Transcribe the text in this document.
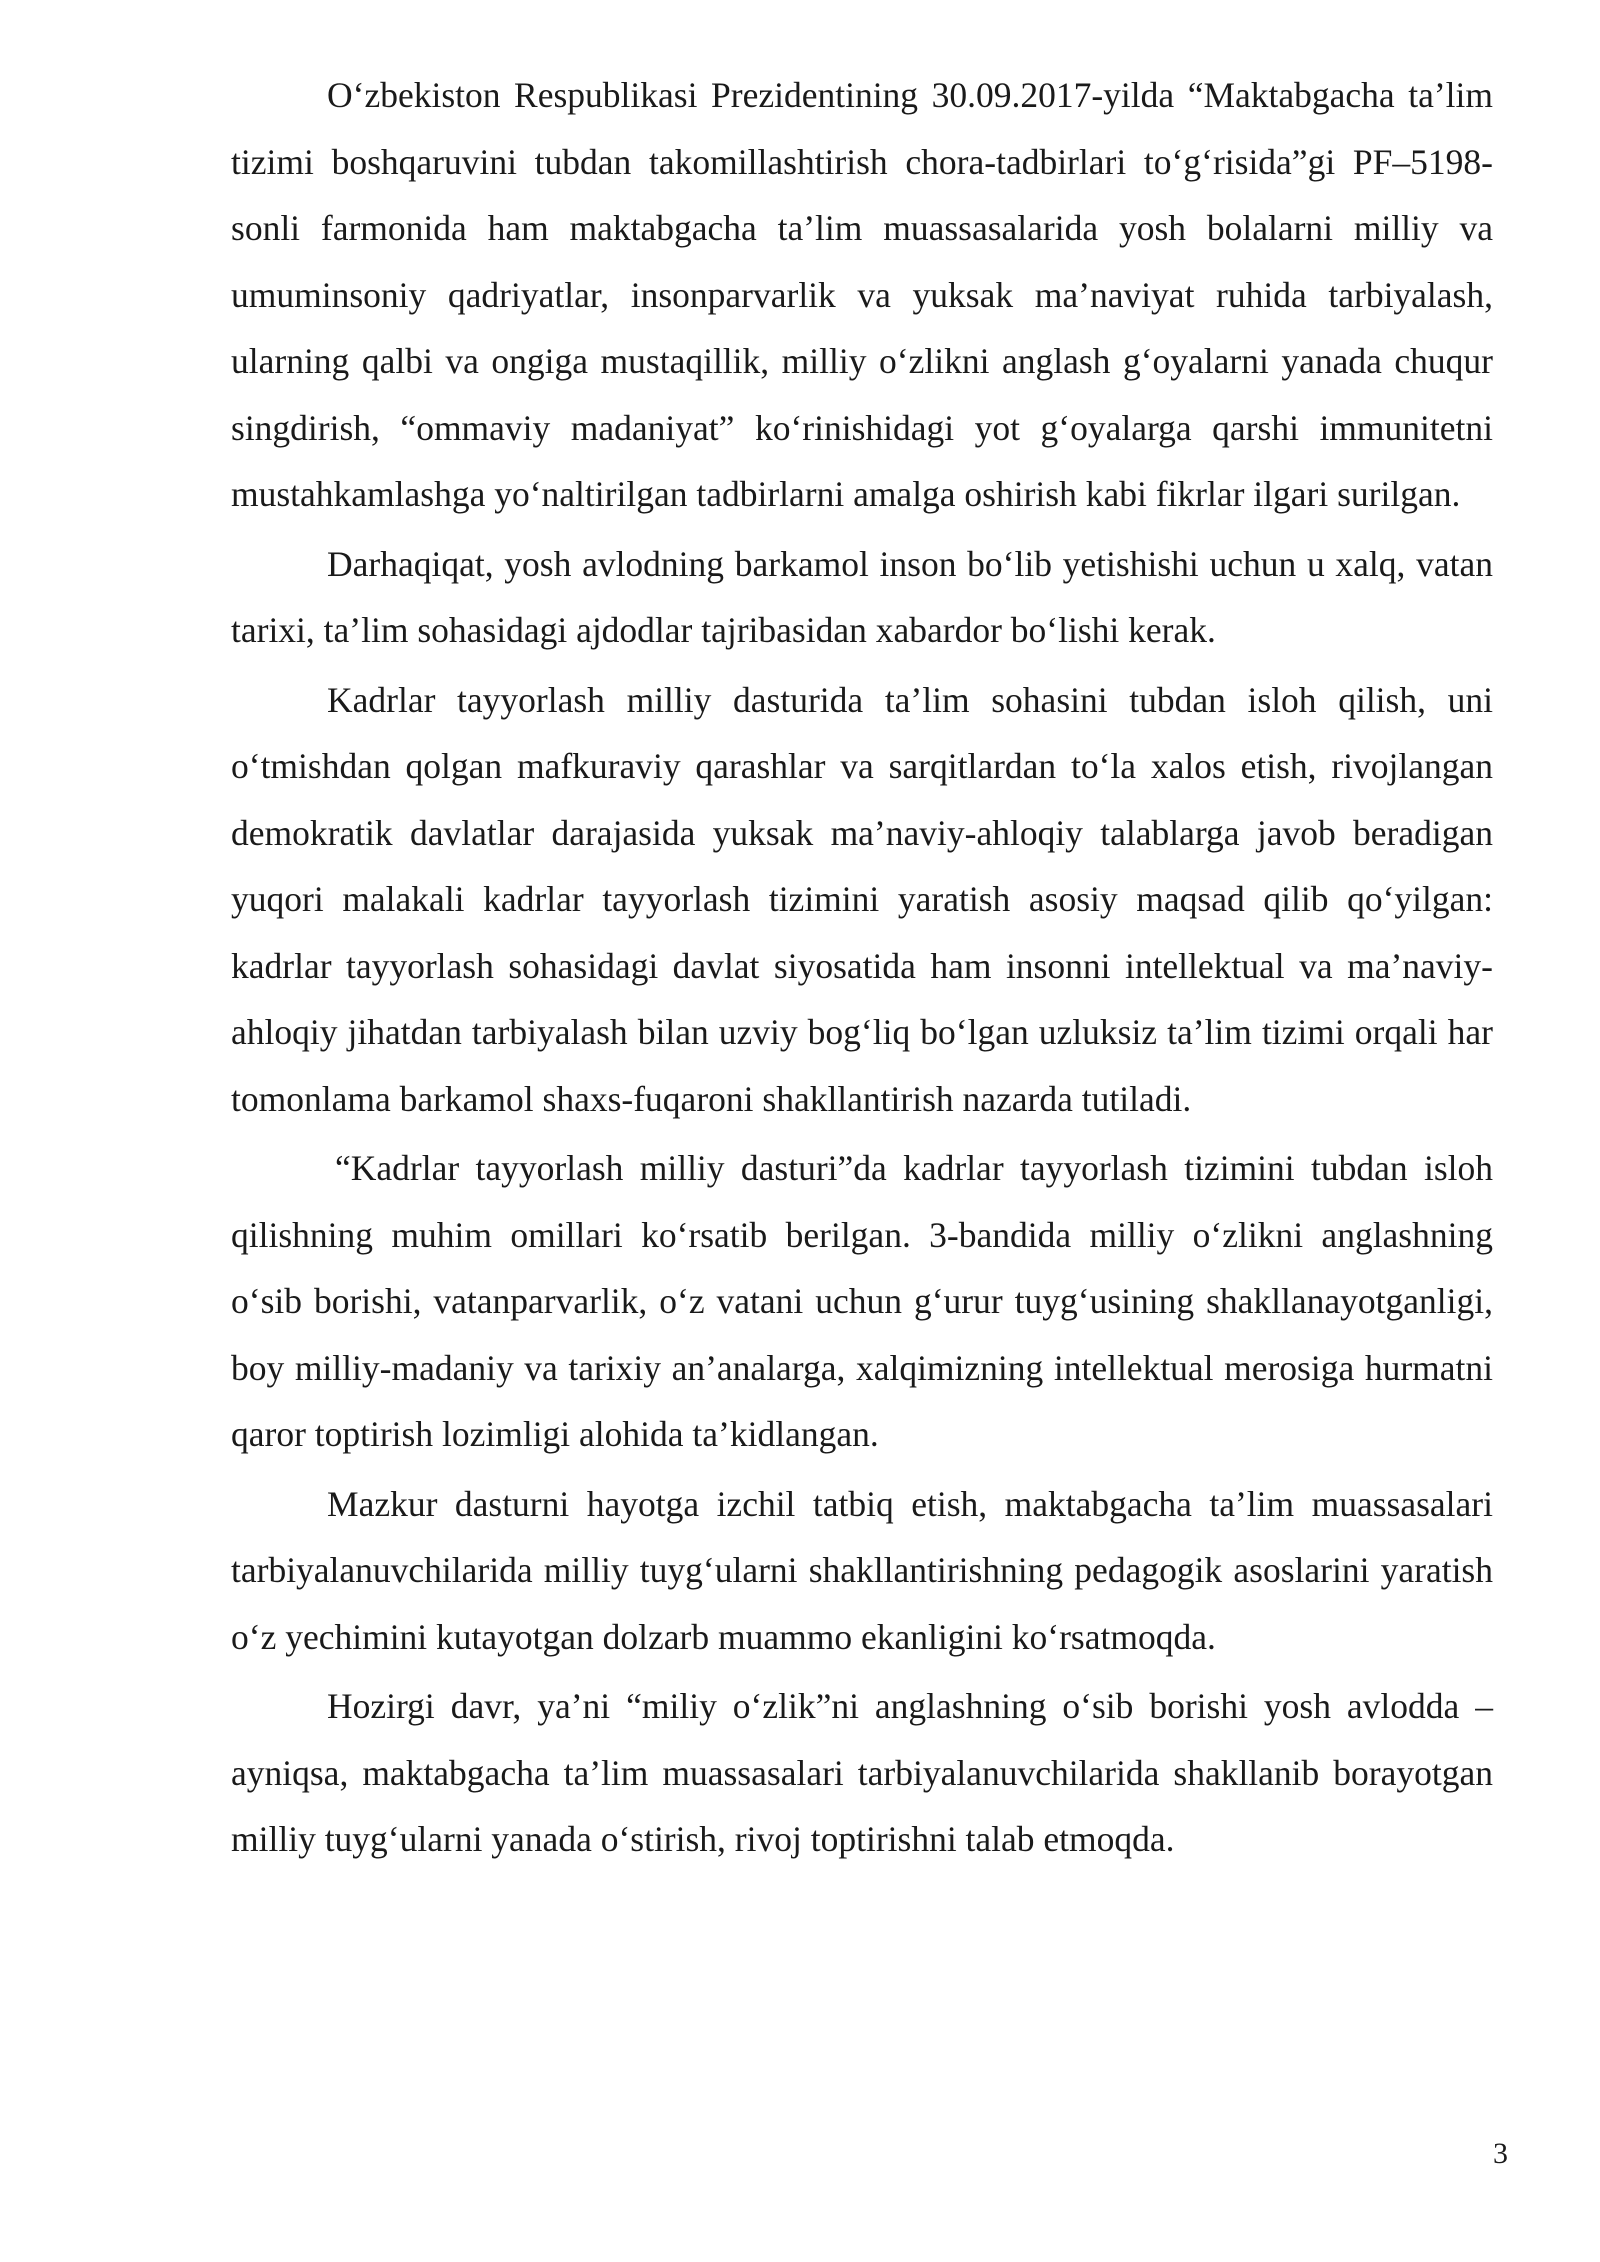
O‘zbekiston Respublikasi Prezidentining 30.09.2017-yilda “Maktabgacha ta’lim tizimi boshqaruvini tubdan takomillashtirish chora-tadbirlari to‘g‘risida”gi PF–5198-sonli farmonida ham maktabgacha ta’lim muassasalarida yosh bolalarni milliy va umuminsoniy qadriyatlar, insonparvarlik va yuksak ma’naviyat ruhida tarbiyalash, ularning qalbi va ongiga mustaqillik, milliy o‘zlikni anglash g‘oyalarni yanada chuqur singdirish, “ommaviy madaniyat” ko‘rinishidagi yot g‘oyalarga qarshi immunitetni mustahkamlashga yo‘naltirilgan tadbirlarni amalga oshirish kabi fikrlar ilgari surilgan.

Darhaqiqat, yosh avlodning barkamol inson bo‘lib yetishishi uchun u xalq, vatan tarixi, ta’lim sohasidagi ajdodlar tajribasidan xabardor bo‘lishi kerak.

Kadrlar tayyorlash milliy dasturida ta’lim sohasini tubdan isloh qilish, uni o‘tmishdan qolgan mafkuraviy qarashlar va sarqitlardan to‘la xalos etish, rivojlangan demokratik davlatlar darajasida yuksak ma’naviy-ahloqiy talablarga javob beradigan yuqori malakali kadrlar tayyorlash tizimini yaratish asosiy maqsad qilib qo‘yilgan: kadrlar tayyorlash sohasidagi davlat siyosatida ham insonni intellektual va ma’naviy-ahloqiy jihatdan tarbiyalash bilan uzviy bog‘liq bo‘lgan uzluksiz ta’lim tizimi orqali har tomonlama barkamol shaxs-fuqaroni shakllantirish nazarda tutiladi.

“Kadrlar tayyorlash milliy dasturi”da kadrlar tayyorlash tizimini tubdan isloh qilishning muhim omillari ko‘rsatib berilgan. 3-bandida milliy o‘zlikni anglashning o‘sib borishi, vatanparvarlik, o‘z vatani uchun g‘urur tuyg‘usining shakllanayotganligi, boy milliy-madaniy va tarixiy an’analarga, xalqimizning intellektual merosiga hurmatni qaror toptirish lozimligi alohida ta’kidlangan.

Mazkur dasturni hayotga izchil tatbiq etish, maktabgacha ta’lim muassasalari tarbiyalanuvchilarida milliy tuyg‘ularni shakllantirishning pedagogik asoslarini yaratish o‘z yechimini kutayotgan dolzarb muammo ekanligini ko‘rsatmoqda.

Hozirgi davr, ya’ni “miliy o‘zlik”ni anglashning o‘sib borishi yosh avlodda – ayniqsa, maktabgacha ta’lim muassasalari tarbiyalanuvchilarida shakllanib borayotgan milliy tuyg‘ularni yanada o‘stirish, rivoj toptirishni talab etmoqda.

3
